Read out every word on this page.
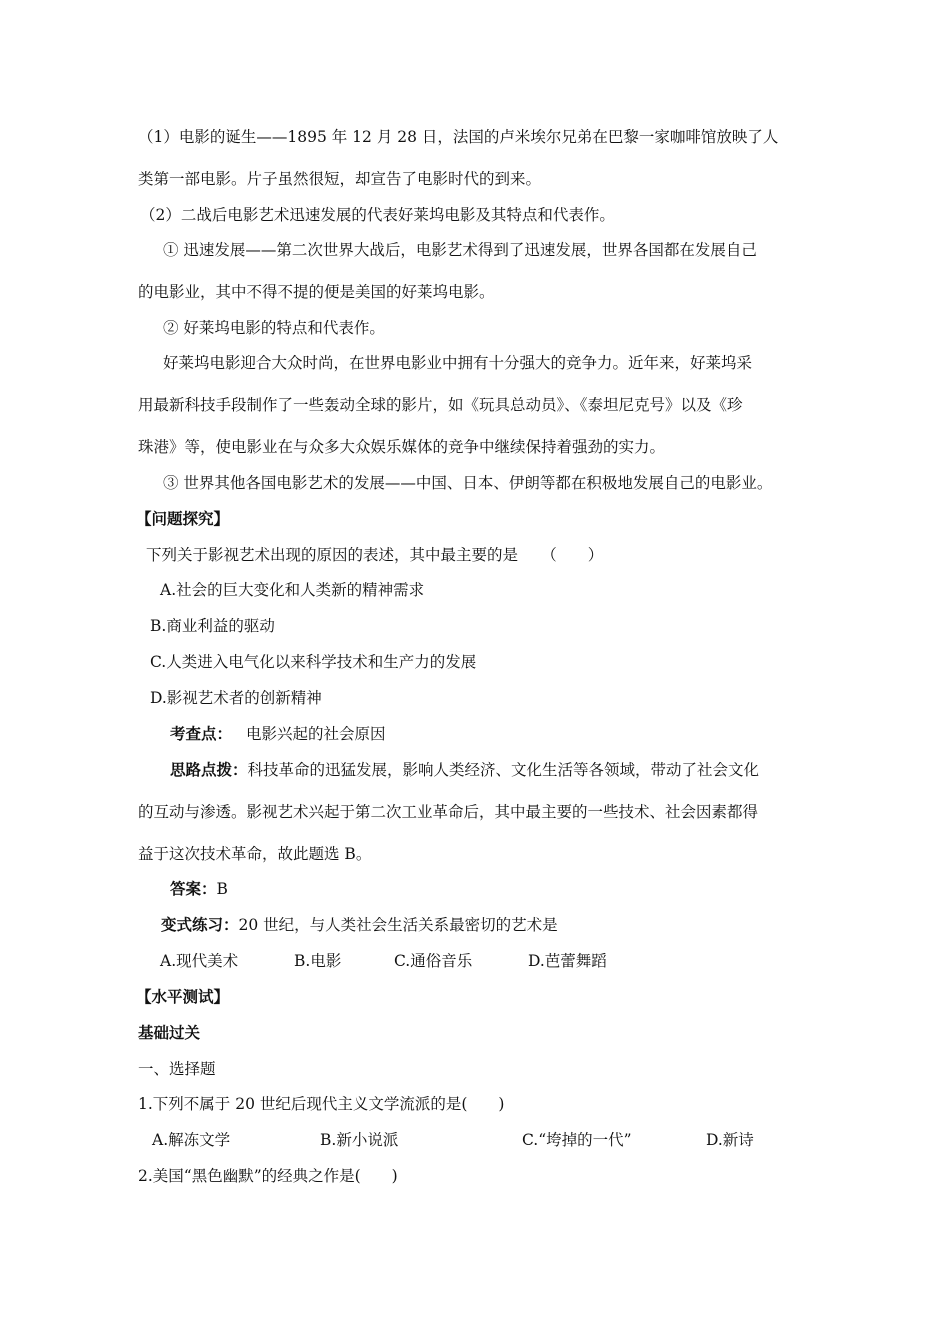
（1）电影的诞生——1895 年 12 月 28 日，法国的卢米埃尔兄弟在巴黎一家咖啡馆放映了人
类第一部电影。片子虽然很短，却宣告了电影时代的到来。
（2）二战后电影艺术迅速发展的代表好莱坞电影及其特点和代表作。
① 迅速发展——第二次世界大战后，电影艺术得到了迅速发展，世界各国都在发展自己
的电影业，其中不得不提的便是美国的好莱坞电影。
② 好莱坞电影的特点和代表作。
好莱坞电影迎合大众时尚，在世界电影业中拥有十分强大的竞争力。近年来，好莱坞采
用最新科技手段制作了一些轰动全球的影片，如《玩具总动员》、《泰坦尼克号》以及《珍
珠港》等，使电影业在与众多大众娱乐媒体的竞争中继续保持着强劲的实力。
③ 世界其他各国电影艺术的发展——中国、日本、伊朗等都在积极地发展自己的电影业。
【问题探究】
下列关于影视艺术出现的原因的表述，其中最主要的是　　（　　）
A.社会的巨大变化和人类新的精神需求
B.商业利益的驱动
C.人类进入电气化以来科学技术和生产力的发展
D.影视艺术者的创新精神
考查点： 电影兴起的社会原因
思路点拨：科技革命的迅猛发展，影响人类经济、文化生活等各领域，带动了社会文化
的互动与渗透。影视艺术兴起于第二次工业革命后，其中最主要的一些技术、社会因素都得
益于这次技术革命，故此题选 B。
答案：B
变式练习：20 世纪，与人类社会生活关系最密切的艺术是
A.现代美术	B.电影	C.通俗音乐	D.芭蕾舞蹈
【水平测试】
基础过关
一、选择题
1.下列不属于 20 世纪后现代主义文学流派的是(　　)
A.解冻文学	B.新小说派	C.“垮掉的一代”	D.新诗
2.美国“黑色幽默”的经典之作是(　　)
